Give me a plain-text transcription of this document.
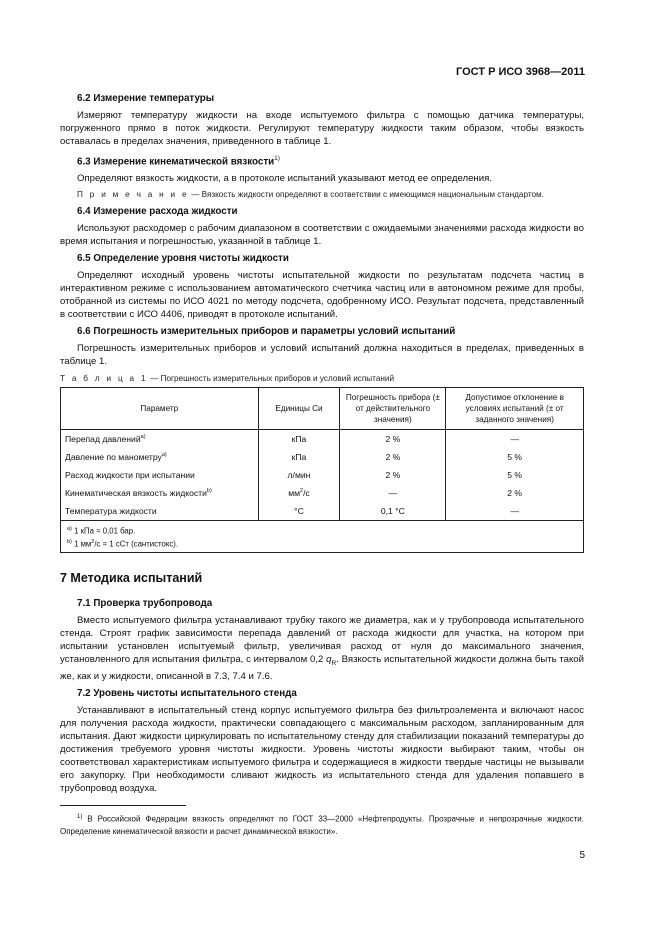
ГОСТ Р ИСО 3968—2011
6.2 Измерение температуры

Измеряют температуру жидкости на входе испытуемого фильтра с помощью датчика температуры, погруженного прямо в поток жидкости. Регулируют температуру жидкости таким образом, чтобы вязкость оставалась в пределах значения, приведенного в таблице 1.

6.3 Измерение кинематической вязкости$^{1)}$

Определяют вязкость жидкости, а в протоколе испытаний указывают метод ее определения.

П р и м е ч а н и е — Вязкость жидкости определяют в соответствии с имеющимся национальным стандартом.

6.4 Измерение расхода жидкости

Используют расходомер с рабочим диапазоном в соответствии с ожидаемыми значениями расхода жидкости во время испытания и погрешностью, указанной в таблице 1.

6.5 Определение уровня чистоты жидкости

Определяют исходный уровень чистоты испытательной жидкости по результатам подсчета частиц в интерактивном режиме с использованием автоматического счетчика частиц или в автономном режиме для пробы, отобранной из системы по ИСО 4021 по методу подсчета, одобренному ИСО. Результат подсчета, представленный в соответствии с ИСО 4406, приводят в протоколе испытаний.

6.6 Погрешность измерительных приборов и параметры условий испытаний

Погрешность измерительных приборов и условий испытаний должна находиться в пределах, приведенных в таблице 1.

Т а б л и ц а 1 — Погрешность измерительных приборов и условий испытаний
Параметр	Единицы Си	Погрешность прибора (± от действительного значения)	Допустимое отклонение в условиях испытаний (± от заданного значения)
Перепад давлений$^{a)}$	кПа	2 %	—
Давление по манометру$^{a)}$	кПа	2 %	5 %
Расход жидкости при испытании	л/мин	2 %	5 %
Кинематическая вязкость жидкости$^{b)}$	$мм^2/с$	—	2 %
Температура жидкости	°С	0,1 °С	—

$^{a)}$ 1 кПа = 0,01 бар.
$^{b)}$ 1 $мм^2/с = 1$ сСт (сантистокс).			
7 Методика испытаний
7.1 Проверка трубопровода

Вместо испытуемого фильтра устанавливают трубку такого же диаметра, как и у трубопровода испытательного стенда. Строят график зависимости перепада давлений от расхода жидкости для участка, на котором при испытании установлен испытуемый фильтр, увеличивая расход от нуля до максимального значения, установленного для испытания фильтра, с интервалом 0,2 $q_R$. Вязкость испытательной жидкости должна быть такой же, как и у жидкости, описанной в 7.3, 7.4 и 7.6.

7.2 Уровень чистоты испытательного стенда

Устанавливают в испытательный стенд корпус испытуемого фильтра без фильтроэлемента и включают насос для получения расхода жидкости, практически совпадающего с максимальным расходом, запланированным для испытания. Дают жидкости циркулировать по испытательному стенду для стабилизации показаний температуры до достижения требуемого уровня чистоты жидкости. Уровень чистоты жидкости выбирают таким, чтобы он соответствовал характеристикам испытуемого фильтра и содержащиеся в жидкости твердые частицы не вызывали его закупорку. При необходимости сливают жидкость из испытательного стенда для удаления попавшего в трубопровод воздуха.

$^{1)}$ В Российской Федерации вязкость определяют по ГОСТ 33—2000 «Нефтепродукты. Прозрачные и непрозрачные жидкости. Определение кинематической вязкости и расчет динамической вязкости».

5
